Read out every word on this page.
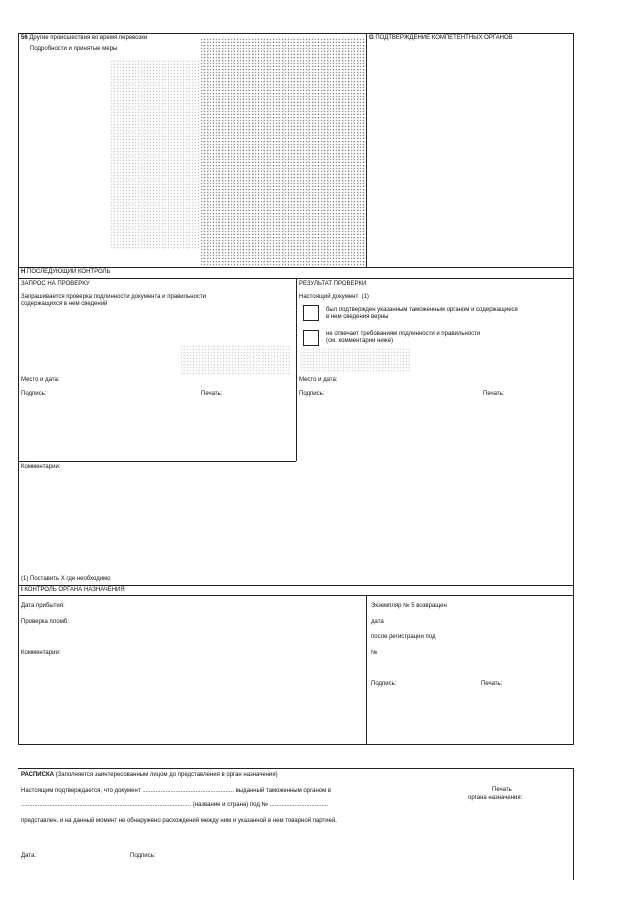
56 Другие происшествия во время перевозки
Подробности и принятые меры
G ПОДТВЕРЖДЕНИЕ КОМПЕТЕНТНЫХ ОРГАНОВ
H ПОСЛЕДУЮЩИЙ КОНТРОЛЬ
ЗАПРОС НА ПРОВЕРКУ
Запрашивается проверка подлинности документа и правильности
содержащихся в нем сведений
Место и дата:
Подпись:	Печать:
РЕЗУЛЬТАТ ПРОВЕРКИ
Настоящий документ (1)
был подтвержден указанным таможенным органом и содержащиеся
в нем сведения верны
не отвечает требованиям подлинности и правильности
(см. комментарии ниже)
Место и дата:
Подпись:	Печать:
Комментарии:
(1) Поставить X где необходимо
I КОНТРОЛЬ ОРГАНА НАЗНАЧЕНИЯ
Дата прибытия:
Проверка пломб:
Комментарии:
Экземпляр № 5 возвращен
дата
после регистрации под
№
Подпись:	Печать:
РАСПИСКА (Заполняется заинтересованным лицом до представления в орган назначения)
Настоящим подтверждается, что документ ....................................................... выданный таможенным органом в
...................................................................................................... (название и страна) под № ...................................
представлен, и на данный момент не обнаружено расхождений между ним и указанной в нем товарной партией.
Печать
органа назначения:
Дата:	Подпись:
